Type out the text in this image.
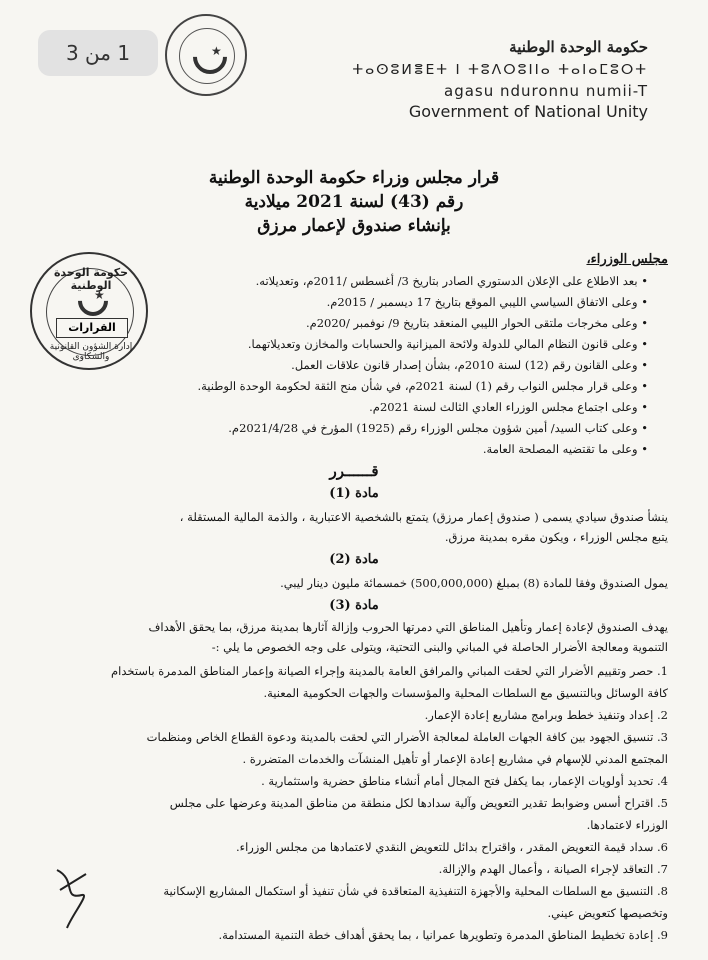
1 من 3	★	حكومة الوحدة الوطنية
ⵜⴰⵙⵓⵍⴻⴹⵜ ⵏ ⵜⵓⴷⵔⵓⵏⵏⴰ ⵜⴰⵏⴰⵎⵓⵔⵜ
agasu nduronnu numii-T
Government of National Unity
قرار مجلس وزراء حكومة الوحدة الوطنية
رقم (43) لسنة 2021 ميلادية
بإنشاء صندوق لإعمار مرزق
حكومة الوحدة الوطنية
★
القرارات
إدارة الشؤون القانونية والشكاوى
مجلس الوزراء،
• بعد الاطلاع على الإعلان الدستوري الصادر بتاريخ 3/ أغسطس /2011م، وتعديلاته.
• وعلى الاتفاق السياسي الليبي الموقع بتاريخ 17 ديسمبر / 2015م.
• وعلى مخرجات ملتقى الحوار الليبي المنعقد بتاريخ 9/ نوفمبر /2020م.
• وعلى قانون النظام المالي للدولة ولائحة الميزانية والحسابات والمخازن وتعديلاتهما.
• وعلى القانون رقم (12) لسنة 2010م، بشأن إصدار قانون علاقات العمل.
• وعلى قرار مجلس النواب رقم (1) لسنة 2021م، في شأن منح الثقة لحكومة الوحدة الوطنية.
• وعلى اجتماع مجلس الوزراء العادي الثالث لسنة 2021م.
• وعلى كتاب السيد/ أمين شؤون مجلس الوزراء رقم (1925) المؤرخ في 2021/4/28م.
• وعلى ما تقتضيه المصلحة العامة.
قــــــرر
مادة (1)
ينشأ صندوق سيادي يسمى ( صندوق إعمار مرزق) يتمتع بالشخصية الاعتبارية ، والذمة المالية المستقلة ،
يتبع مجلس الوزراء ، ويكون مقره بمدينة مرزق.
مادة (2)
يمول الصندوق وفقا للمادة (8) بمبلغ (500,000,000) خمسمائة مليون دينار ليبي.
مادة (3)
يهدف الصندوق لإعادة إعمار وتأهيل المناطق التي دمرتها الحروب وإزالة آثارها بمدينة مرزق، بما يحقق الأهداف
التنموية ومعالجة الأضرار الحاصلة في المباني والبنى التحتية، ويتولى على وجه الخصوص ما يلي :-
1. حصر وتقييم الأضرار التي لحقت المباني والمرافق العامة بالمدينة وإجراء الصيانة وإعمار المناطق المدمرة باستخدام
كافة الوسائل وبالتنسيق مع السلطات المحلية والمؤسسات والجهات الحكومية المعنية.
2. إعداد وتنفيذ خطط وبرامج مشاريع إعادة الإعمار.
3. تنسيق الجهود بين كافة الجهات العاملة لمعالجة الأضرار التي لحقت بالمدينة ودعوة القطاع الخاص ومنظمات
المجتمع المدني للإسهام في مشاريع إعادة الإعمار أو تأهيل المنشآت والخدمات المتضررة .
4. تحديد أولويات الإعمار، بما يكفل فتح المجال أمام أنشاء مناطق حضرية واستثمارية .
5. اقتراح أسس وضوابط تقدير التعويض وآلية سدادها لكل منطقة من مناطق المدينة وعرضها على مجلس
الوزراء لاعتمادها.
6. سداد قيمة التعويض المقدر ، واقتراح بدائل للتعويض النقدي لاعتمادها من مجلس الوزراء.
7. التعاقد لإجراء الصيانة ، وأعمال الهدم والإزالة.
8. التنسيق مع السلطات المحلية والأجهزة التنفيذية المتعاقدة في شأن تنفيذ أو استكمال المشاريع الإسكانية
وتخصيصها كتعويض عيني.
9. إعادة تخطيط المناطق المدمرة وتطويرها عمرانيا ، بما يحقق أهداف خطة التنمية المستدامة.
